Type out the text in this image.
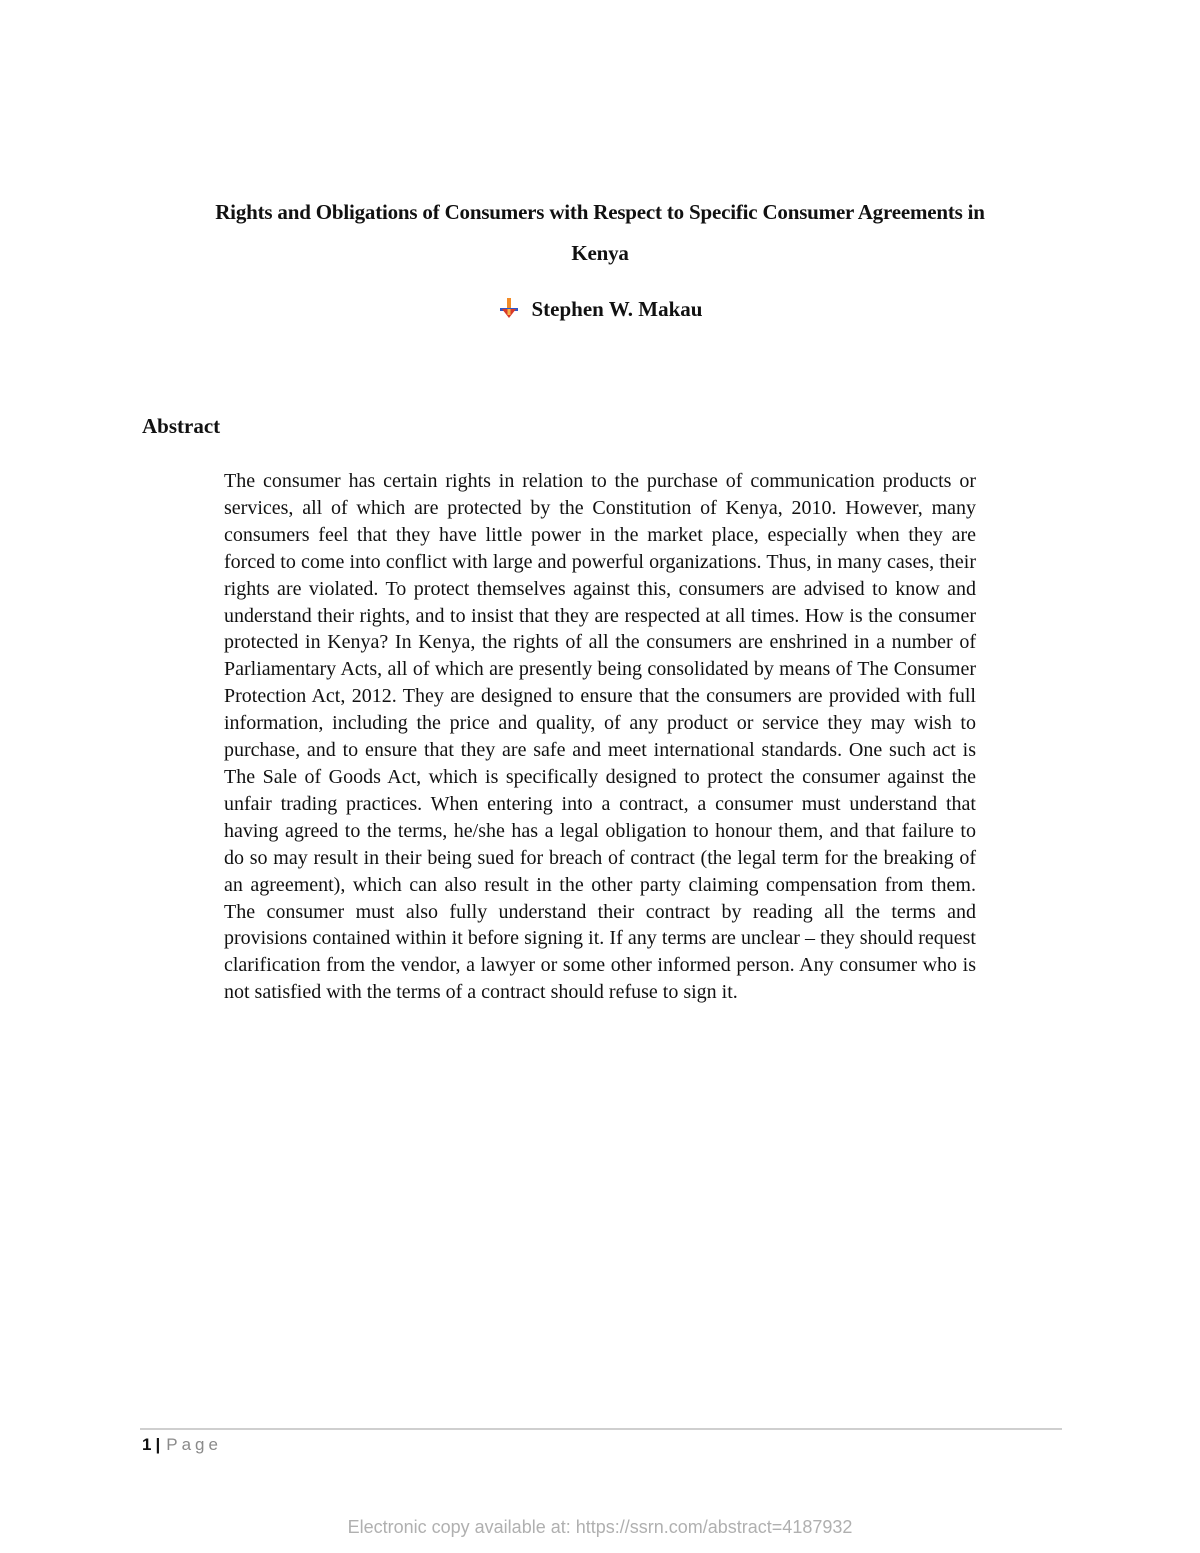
Rights and Obligations of Consumers with Respect to Specific Consumer Agreements in
Kenya
Stephen W. Makau
Abstract
The consumer has certain rights in relation to the purchase of communication products or services, all of which are protected by the Constitution of Kenya, 2010. However, many consumers feel that they have little power in the market place, especially when they are forced to come into conflict with large and powerful organizations. Thus, in many cases, their rights are violated. To protect themselves against this, consumers are advised to know and understand their rights, and to insist that they are respected at all times. How is the consumer protected in Kenya? In Kenya, the rights of all the consumers are enshrined in a number of Parliamentary Acts, all of which are presently being consolidated by means of The Consumer Protection Act, 2012. They are designed to ensure that the consumers are provided with full information, including the price and quality, of any product or service they may wish to purchase, and to ensure that they are safe and meet international standards. One such act is The Sale of Goods Act, which is specifically designed to protect the consumer against the unfair trading practices. When entering into a contract, a consumer must understand that having agreed to the terms, he/she has a legal obligation to honour them, and that failure to do so may result in their being sued for breach of contract (the legal term for the breaking of an agreement), which can also result in the other party claiming compensation from them. The consumer must also fully understand their contract by reading all the terms and provisions contained within it before signing it. If any terms are unclear – they should request clarification from the vendor, a lawyer or some other informed person. Any consumer who is not satisfied with the terms of a contract should refuse to sign it.
1 | Page
Electronic copy available at: https://ssrn.com/abstract=4187932
